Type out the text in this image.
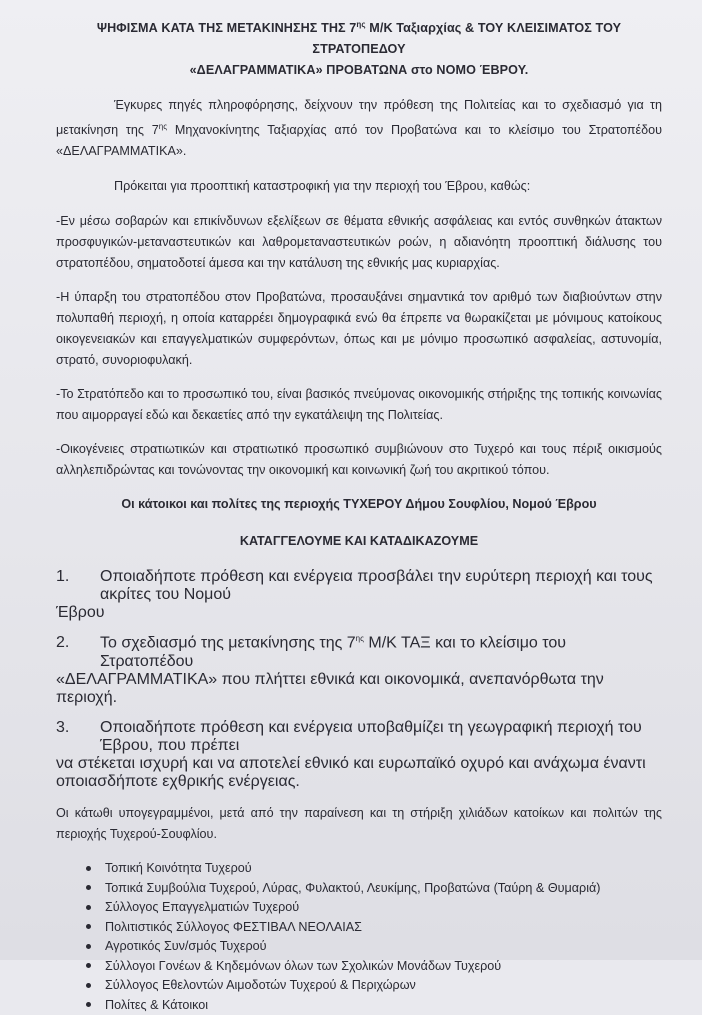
ΨΗΦΙΣΜΑ ΚΑΤΑ ΤΗΣ ΜΕΤΑΚΙΝΗΣΗΣ ΤΗΣ $7^{\eta\varsigma}$ Μ/Κ Ταξιαρχίας & ΤΟΥ ΚΛΕΙΣΙΜΑΤΟΣ ΤΟΥ ΣΤΡΑΤΟΠΕΔΟΥ
«ΔΕΛΑΓΡΑΜΜΑΤΙΚΑ» ΠΡΟΒΑΤΩΝΑ στο ΝΟΜΟ ΈΒΡΟΥ.

Έγκυρες πηγές πληροφόρησης, δείχνουν την πρόθεση της Πολιτείας και το σχεδιασμό για τη μετακίνηση της $7^{\eta\varsigma}$ Μηχανοκίνητης Ταξιαρχίας από τον Προβατώνα και το κλείσιμο του Στρατοπέδου «ΔΕΛΑΓΡΑΜΜΑΤΙΚΑ».

Πρόκειται για προοπτική καταστροφική για την περιοχή του Έβρου, καθώς:

-Εν μέσω σοβαρών και επικίνδυνων εξελίξεων σε θέματα εθνικής ασφάλειας και εντός συνθηκών άτακτων προσφυγικών-μεταναστευτικών και λαθρομεταναστευτικών ροών, η αδιανόητη προοπτική διάλυσης του στρατοπέδου, σηματοδοτεί άμεσα και την κατάλυση της εθνικής μας κυριαρχίας.

-Η ύπαρξη του στρατοπέδου στον Προβατώνα, προσαυξάνει σημαντικά τον αριθμό των διαβιούντων στην πολυπαθή περιοχή, η οποία καταρρέει δημογραφικά ενώ θα έπρεπε να θωρακίζεται με μόνιμους κατοίκους οικογενειακών και επαγγελματικών συμφερόντων, όπως και με μόνιμο προσωπικό ασφαλείας, αστυνομία, στρατό, συνοριοφυλακή.

-Το Στρατόπεδο και το προσωπικό του, είναι βασικός πνεύμονας οικονομικής στήριξης της τοπικής κοινωνίας που αιμορραγεί εδώ και δεκαετίες από την εγκατάλειψη της Πολιτείας.

-Οικογένειες στρατιωτικών και στρατιωτικό προσωπικό συμβιώνουν στο Τυχερό και τους πέριξ οικισμούς αλληλεπιδρώντας και τονώνοντας την οικονομική και κοινωνική ζωή του ακριτικού τόπου.

Οι κάτοικοι και πολίτες της περιοχής ΤΥΧΕΡΟΥ Δήμου Σουφλίου, Νομού Έβρου

ΚΑΤΑΓΓΕΛΟΥΜΕ ΚΑΙ ΚΑΤΑΔΙΚΑΖΟΥΜΕ

1.	Οποιαδήποτε πρόθεση και ενέργεια προσβάλει την ευρύτερη περιοχή και τους ακρίτες του Νομού
Έβρου
2.	Το σχεδιασμό της μετακίνησης της $7^{\eta\varsigma}$ Μ/Κ ΤΑΞ και το κλείσιμο του Στρατοπέδου
«ΔΕΛΑΓΡΑΜΜΑΤΙΚΑ» που πλήττει εθνικά και οικονομικά, ανεπανόρθωτα την περιοχή.
3.	Οποιαδήποτε πρόθεση και ενέργεια υποβαθμίζει τη γεωγραφική περιοχή του Έβρου, που πρέπει
να στέκεται ισχυρή και να αποτελεί εθνικό και ευρωπαϊκό οχυρό και ανάχωμα έναντι οποιασδήποτε εχθρικής ενέργειας.

Οι κάτωθι υπογεγραμμένοι, μετά από την παραίνεση και τη στήριξη χιλιάδων κατοίκων και πολιτών της περιοχής Τυχερού-Σουφλίου.

Τοπική Κοινότητα Τυχερού
Τοπικά Συμβούλια Τυχερού, Λύρας, Φυλακτού, Λευκίμης, Προβατώνα (Ταύρη & Θυμαριά)
Σύλλογος Επαγγελματιών Τυχερού
Πολιτιστικός Σύλλογος ΦΕΣΤΙΒΑΛ ΝΕΟΛΑΙΑΣ
Αγροτικός Συν/σμός Τυχερού
Σύλλογοι Γονέων & Κηδεμόνων όλων των Σχολικών Μονάδων Τυχερού
Σύλλογος Εθελοντών Αιμοδοτών Τυχερού & Περιχώρων
Πολίτες & Κάτοικοι
